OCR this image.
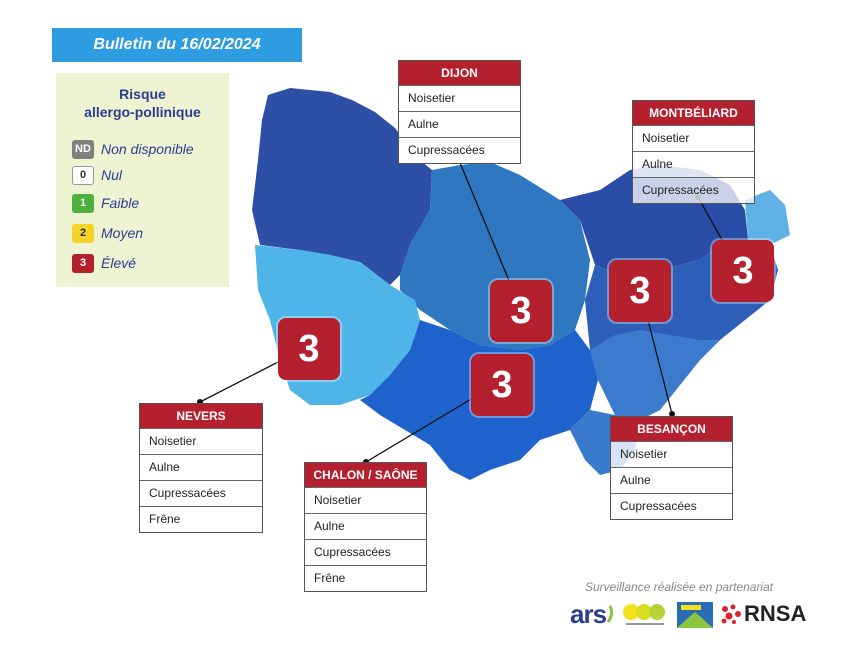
Bulletin du 16/02/2024
Risque
allergo-pollinique
ND Non disponible
0	Nul
1	Faible
2	Moyen
3	Élevé
3
3
3
3
3
DIJON
Noisetier
Aulne
Cupressacées
MONTBÉLIARD
Noisetier
Aulne
Cupressacées
NEVERS
Noisetier
Aulne
Cupressacées
Frêne
CHALON / SAÔNE
Noisetier
Aulne
Cupressacées
Frêne
BESANÇON
Noisetier
Aulne
Cupressacées
Surveillance réalisée en partenariat
ars	RNSA
